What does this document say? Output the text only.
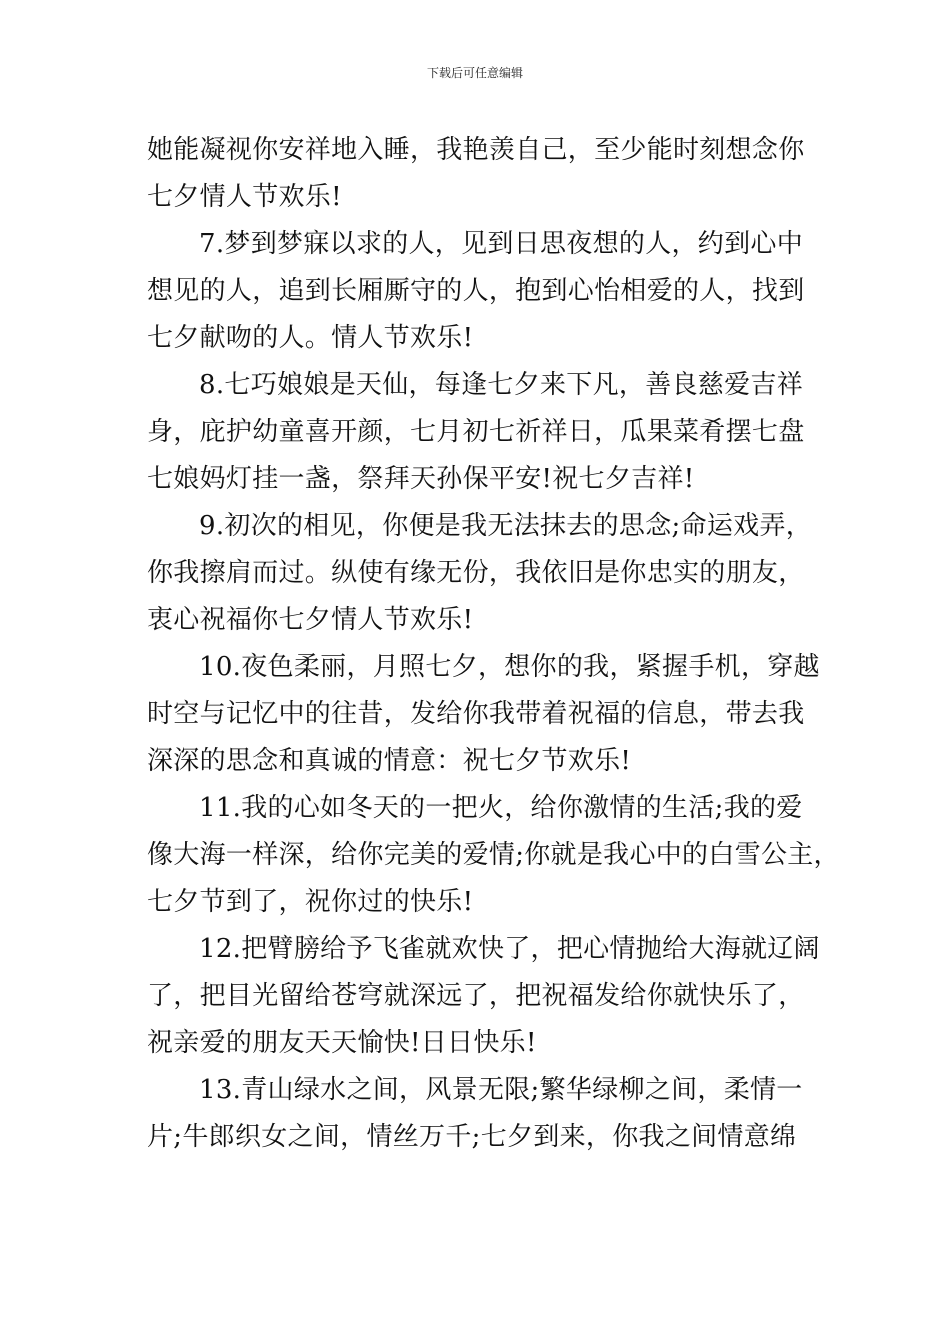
下载后可任意编辑
她能凝视你安祥地入睡，我艳羡自己，至少能时刻想念你
七夕情人节欢乐!
7.梦到梦寐以求的人，见到日思夜想的人，约到心中
想见的人，追到长厢厮守的人，抱到心怡相爱的人，找到
七夕献吻的人。情人节欢乐!
8.七巧娘娘是天仙，每逢七夕来下凡，善良慈爱吉祥
身，庇护幼童喜开颜，七月初七祈祥日，瓜果菜肴摆七盘
七娘妈灯挂一盏，祭拜天孙保平安!祝七夕吉祥!
9.初次的相见，你便是我无法抹去的思念;命运戏弄，
你我擦肩而过。纵使有缘无份，我依旧是你忠实的朋友，
衷心祝福你七夕情人节欢乐!
10.夜色柔丽，月照七夕，想你的我，紧握手机，穿越
时空与记忆中的往昔，发给你我带着祝福的信息，带去我
深深的思念和真诚的情意：祝七夕节欢乐!
11.我的心如冬天的一把火，给你激情的生活;我的爱
像大海一样深，给你完美的爱情;你就是我心中的白雪公主，
七夕节到了，祝你过的快乐!
12.把臂膀给予飞雀就欢快了，把心情抛给大海就辽阔
了，把目光留给苍穹就深远了，把祝福发给你就快乐了，
祝亲爱的朋友天天愉快!日日快乐!
13.青山绿水之间，风景无限;繁华绿柳之间，柔情一
片;牛郎织女之间，情丝万千;七夕到来，你我之间情意绵
